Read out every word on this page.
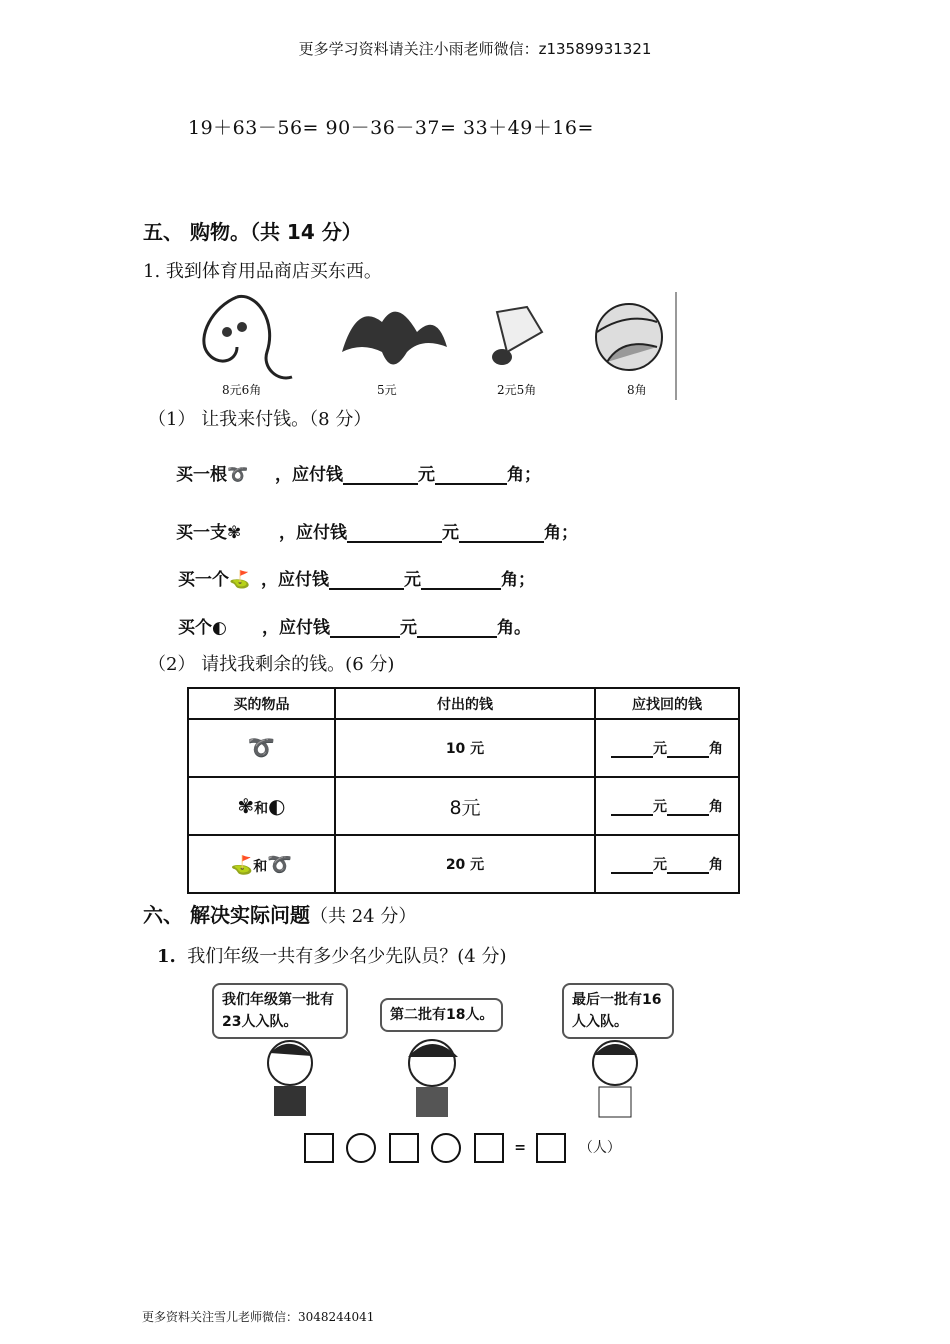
更多学习资料请关注小雨老师微信：z13589931321
19＋63－56= 90－36－37= 33＋49＋16=
五、 购物。（共 14 分）
1. 我到体育用品商店买东西。
8元6角	5元	2元5角	8角
（1） 让我来付钱。（8 分）
买一根➰ ，应付钱	元	角；
买一支✾ ，应付钱	元	角；
买一个⛳ ，应付钱	元	角；
买个◐ ，应付钱	元	角。
（2） 请找我剩余的钱。(6 分)
买的物品	付出的钱	应找回的钱
➰	10 元	元 角
✾和◐	8元	元 角
⛳和➰	20 元	元 角
六、 解决实际问题（共 24 分）
1. 我们年级一共有多少名少先队员？(4 分)
我们年级第一批有23人入队。	第二批有18人。
最后一批有16人入队。
=	（人）
更多资料关注雪儿老师微信：3048244041
